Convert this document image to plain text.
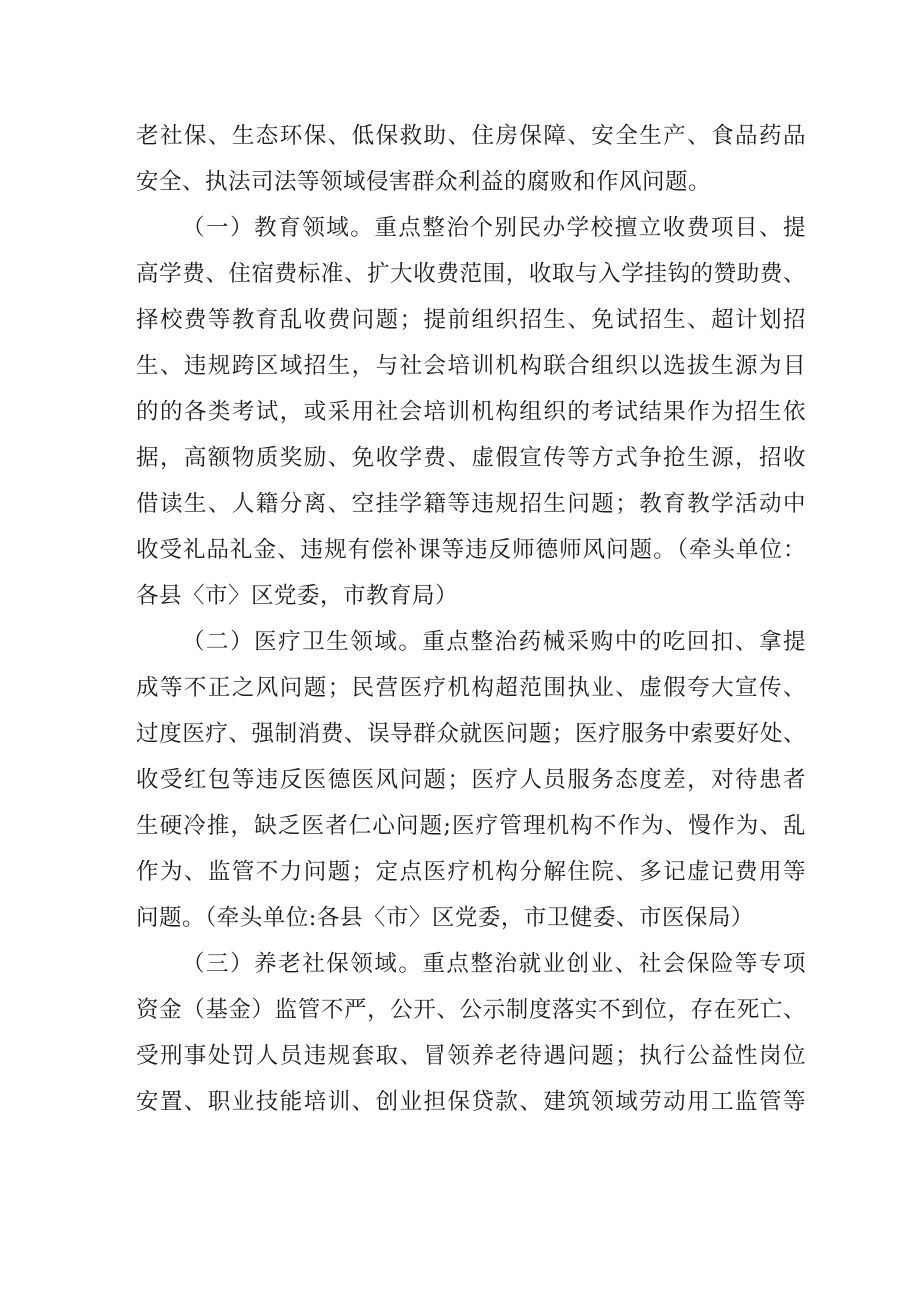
老社保、生态环保、低保救助、住房保障、安全生产、食品药品
安全、执法司法等领域侵害群众利益的腐败和作风问题。
（一）教育领域。重点整治个别民办学校擅立收费项目、提
高学费、住宿费标准、扩大收费范围，收取与入学挂钩的赞助费、
择校费等教育乱收费问题；提前组织招生、免试招生、超计划招
生、违规跨区域招生，与社会培训机构联合组织以选拔生源为目
的的各类考试，或采用社会培训机构组织的考试结果作为招生依
据，高额物质奖励、免收学费、虚假宣传等方式争抢生源，招收
借读生、人籍分离、空挂学籍等违规招生问题；教育教学活动中
收受礼品礼金、违规有偿补课等违反师德师风问题。（牵头单位：
各县〈市〉区党委，市教育局）
（二）医疗卫生领域。重点整治药械采购中的吃回扣、拿提
成等不正之风问题；民营医疗机构超范围执业、虚假夸大宣传、
过度医疗、强制消费、误导群众就医问题；医疗服务中索要好处、
收受红包等违反医德医风问题；医疗人员服务态度差，对待患者
生硬冷推，缺乏医者仁心问题;医疗管理机构不作为、慢作为、乱
作为、监管不力问题；定点医疗机构分解住院、多记虚记费用等
问题。（牵头单位:各县〈市〉区党委，市卫健委、市医保局）
（三）养老社保领域。重点整治就业创业、社会保险等专项
资金（基金）监管不严，公开、公示制度落实不到位，存在死亡、
受刑事处罚人员违规套取、冒领养老待遇问题；执行公益性岗位
安置、职业技能培训、创业担保贷款、建筑领域劳动用工监管等
